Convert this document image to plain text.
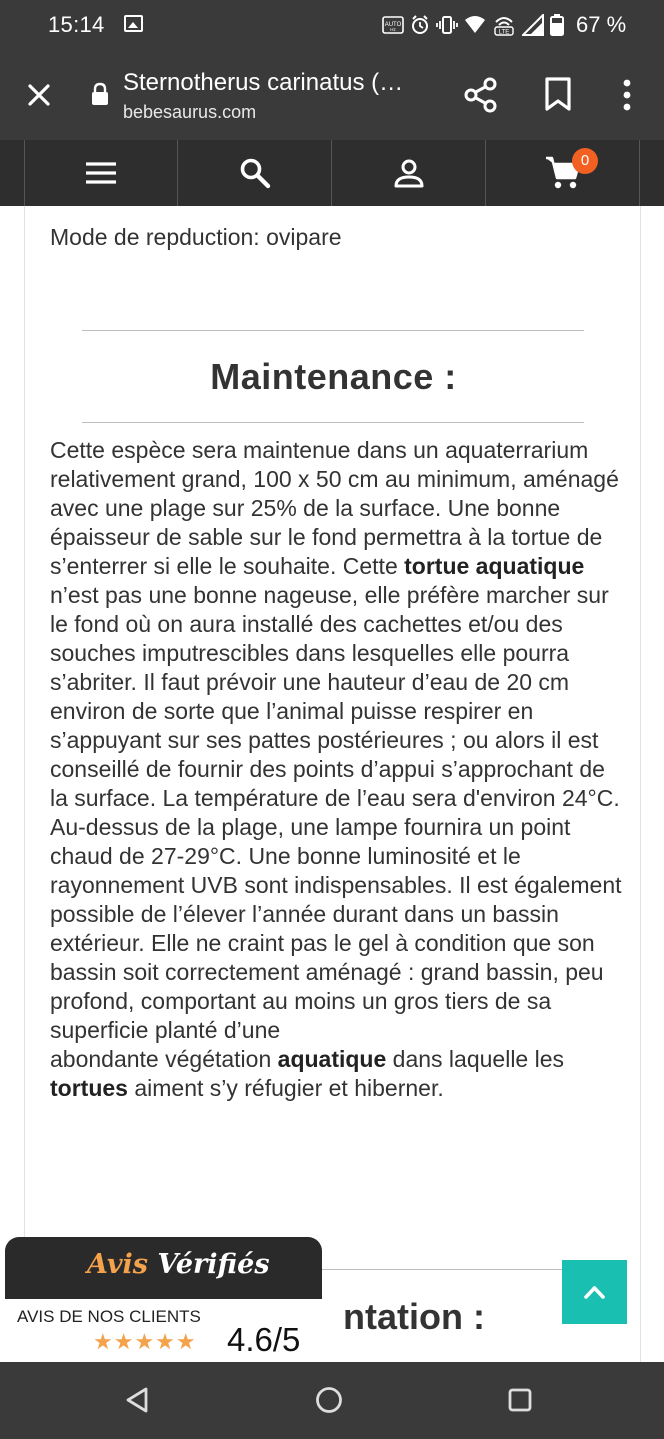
15:14	AUTO
Hz	LTE	67 %
Sternotherus carinatus (…
bebesaurus.com
0
Mode de repduction: ovipare
Maintenance :
Cette espèce sera maintenue dans un aquaterrarium relativement grand, 100 x 50 cm au minimum, aménagé avec une plage sur 25% de la surface. Une bonne épaisseur de sable sur le fond permettra à la tortue de s’enterrer si elle le souhaite. Cette tortue aquatique n’est pas une bonne nageuse, elle préfère marcher sur le fond où on aura installé des cachettes et/ou des souches imputrescibles dans lesquelles elle pourra s’abriter. Il faut prévoir une hauteur d’eau de 20 cm environ de sorte que l’animal puisse respirer en s’appuyant sur ses pattes postérieures ; ou alors il est conseillé de fournir des points d’appui s’approchant de la surface. La température de l’eau sera d'environ 24°C. Au-dessus de la plage, une lampe fournira un point chaud de 27-29°C. Une bonne luminosité et le rayonnement UVB sont indispensables. Il est également possible de l’élever l’année durant dans un bassin extérieur. Elle ne craint pas le gel à condition que son bassin soit correctement aménagé : grand bassin, peu profond, comportant au moins un gros tiers de sa superficie planté d’une
abondante végétation aquatique dans laquelle les tortues aiment s’y réfugier et hiberner.
ntation :
Avis Vérifiés
AVIS DE NOS CLIENTS
★★★★★ 4.6/5
